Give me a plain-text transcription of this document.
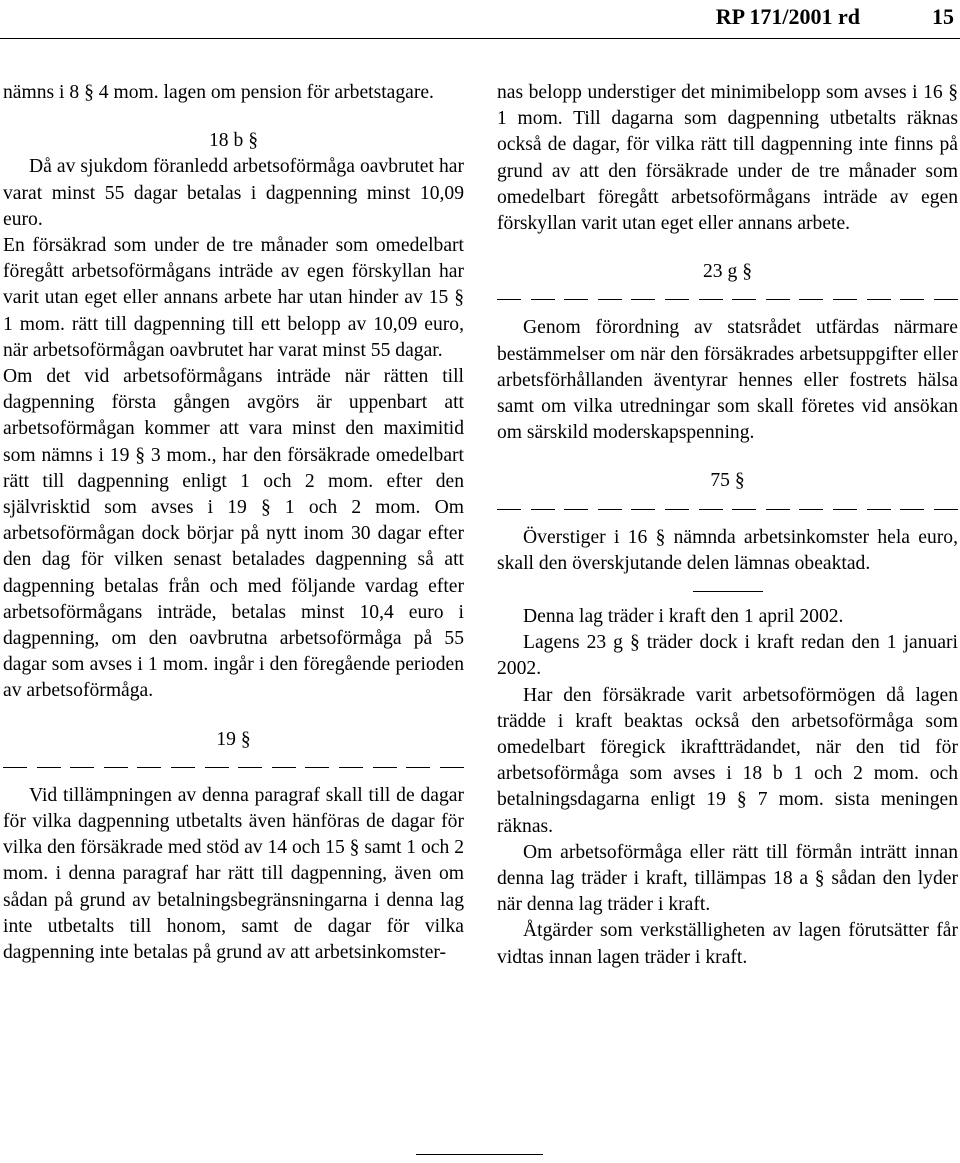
RP 171/2001 rd	15

nämns i 8 § 4 mom. lagen om pension för arbetstagare.

18 b §

Då av sjukdom föranledd arbetsoförmåga oavbrutet har varat minst 55 dagar betalas i dagpenning minst 10,09 euro.

En försäkrad som under de tre månader som omedelbart föregått arbetsoförmågans inträde av egen förskyllan har varit utan eget eller annans arbete har utan hinder av 15 § 1 mom. rätt till dagpenning till ett belopp av 10,09 euro, när arbetsoförmågan oavbrutet har varat minst 55 dagar.

Om det vid arbetsoförmågans inträde när rätten till dagpenning första gången avgörs är uppenbart att arbetsoförmågan kommer att vara minst den maximitid som nämns i 19 § 3 mom., har den försäkrade omedelbart rätt till dagpenning enligt 1 och 2 mom. efter den självrisktid som avses i 19 § 1 och 2 mom. Om arbetsoförmågan dock börjar på nytt inom 30 dagar efter den dag för vilken senast betalades dagpenning så att dagpenning betalas från och med följande vardag efter arbetsoförmågans inträde, betalas minst 10,4 euro i dagpenning, om den oavbrutna arbetsoförmåga på 55 dagar som avses i 1 mom. ingår i den föregående perioden av arbetsoförmåga.

19 §

Vid tillämpningen av denna paragraf skall till de dagar för vilka dagpenning utbetalts även hänföras de dagar för vilka den försäkrade med stöd av 14 och 15 § samt 1 och 2 mom. i denna paragraf har rätt till dagpenning, även om sådan på grund av betalningsbegränsningarna i denna lag inte utbetalts till honom, samt de dagar för vilka dagpenning inte betalas på grund av att arbetsinkomster-

nas belopp understiger det minimibelopp som avses i 16 § 1 mom. Till dagarna som dagpenning utbetalts räknas också de dagar, för vilka rätt till dagpenning inte finns på grund av att den försäkrade under de tre månader som omedelbart föregått arbetsoförmågans inträde av egen förskyllan varit utan eget eller annans arbete.

23 g §

Genom förordning av statsrådet utfärdas närmare bestämmelser om när den försäkrades arbetsuppgifter eller arbetsförhållanden äventyrar hennes eller fostrets hälsa samt om vilka utredningar som skall företes vid ansökan om särskild moderskapspenning.

75 §

Överstiger i 16 § nämnda arbetsinkomster hela euro, skall den överskjutande delen lämnas obeaktad.

Denna lag träder i kraft den 1 april 2002.

Lagens 23 g § träder dock i kraft redan den 1 januari 2002.

Har den försäkrade varit arbetsoförmögen då lagen trädde i kraft beaktas också den arbetsoförmåga som omedelbart föregick ikraftträdandet, när den tid för arbetsoförmåga som avses i 18 b 1 och 2 mom. och betalningsdagarna enligt 19 § 7 mom. sista meningen räknas.

Om arbetsoförmåga eller rätt till förmån inträtt innan denna lag träder i kraft, tillämpas 18 a § sådan den lyder när denna lag träder i kraft.

Åtgärder som verkställigheten av lagen förutsätter får vidtas innan lagen träder i kraft.
